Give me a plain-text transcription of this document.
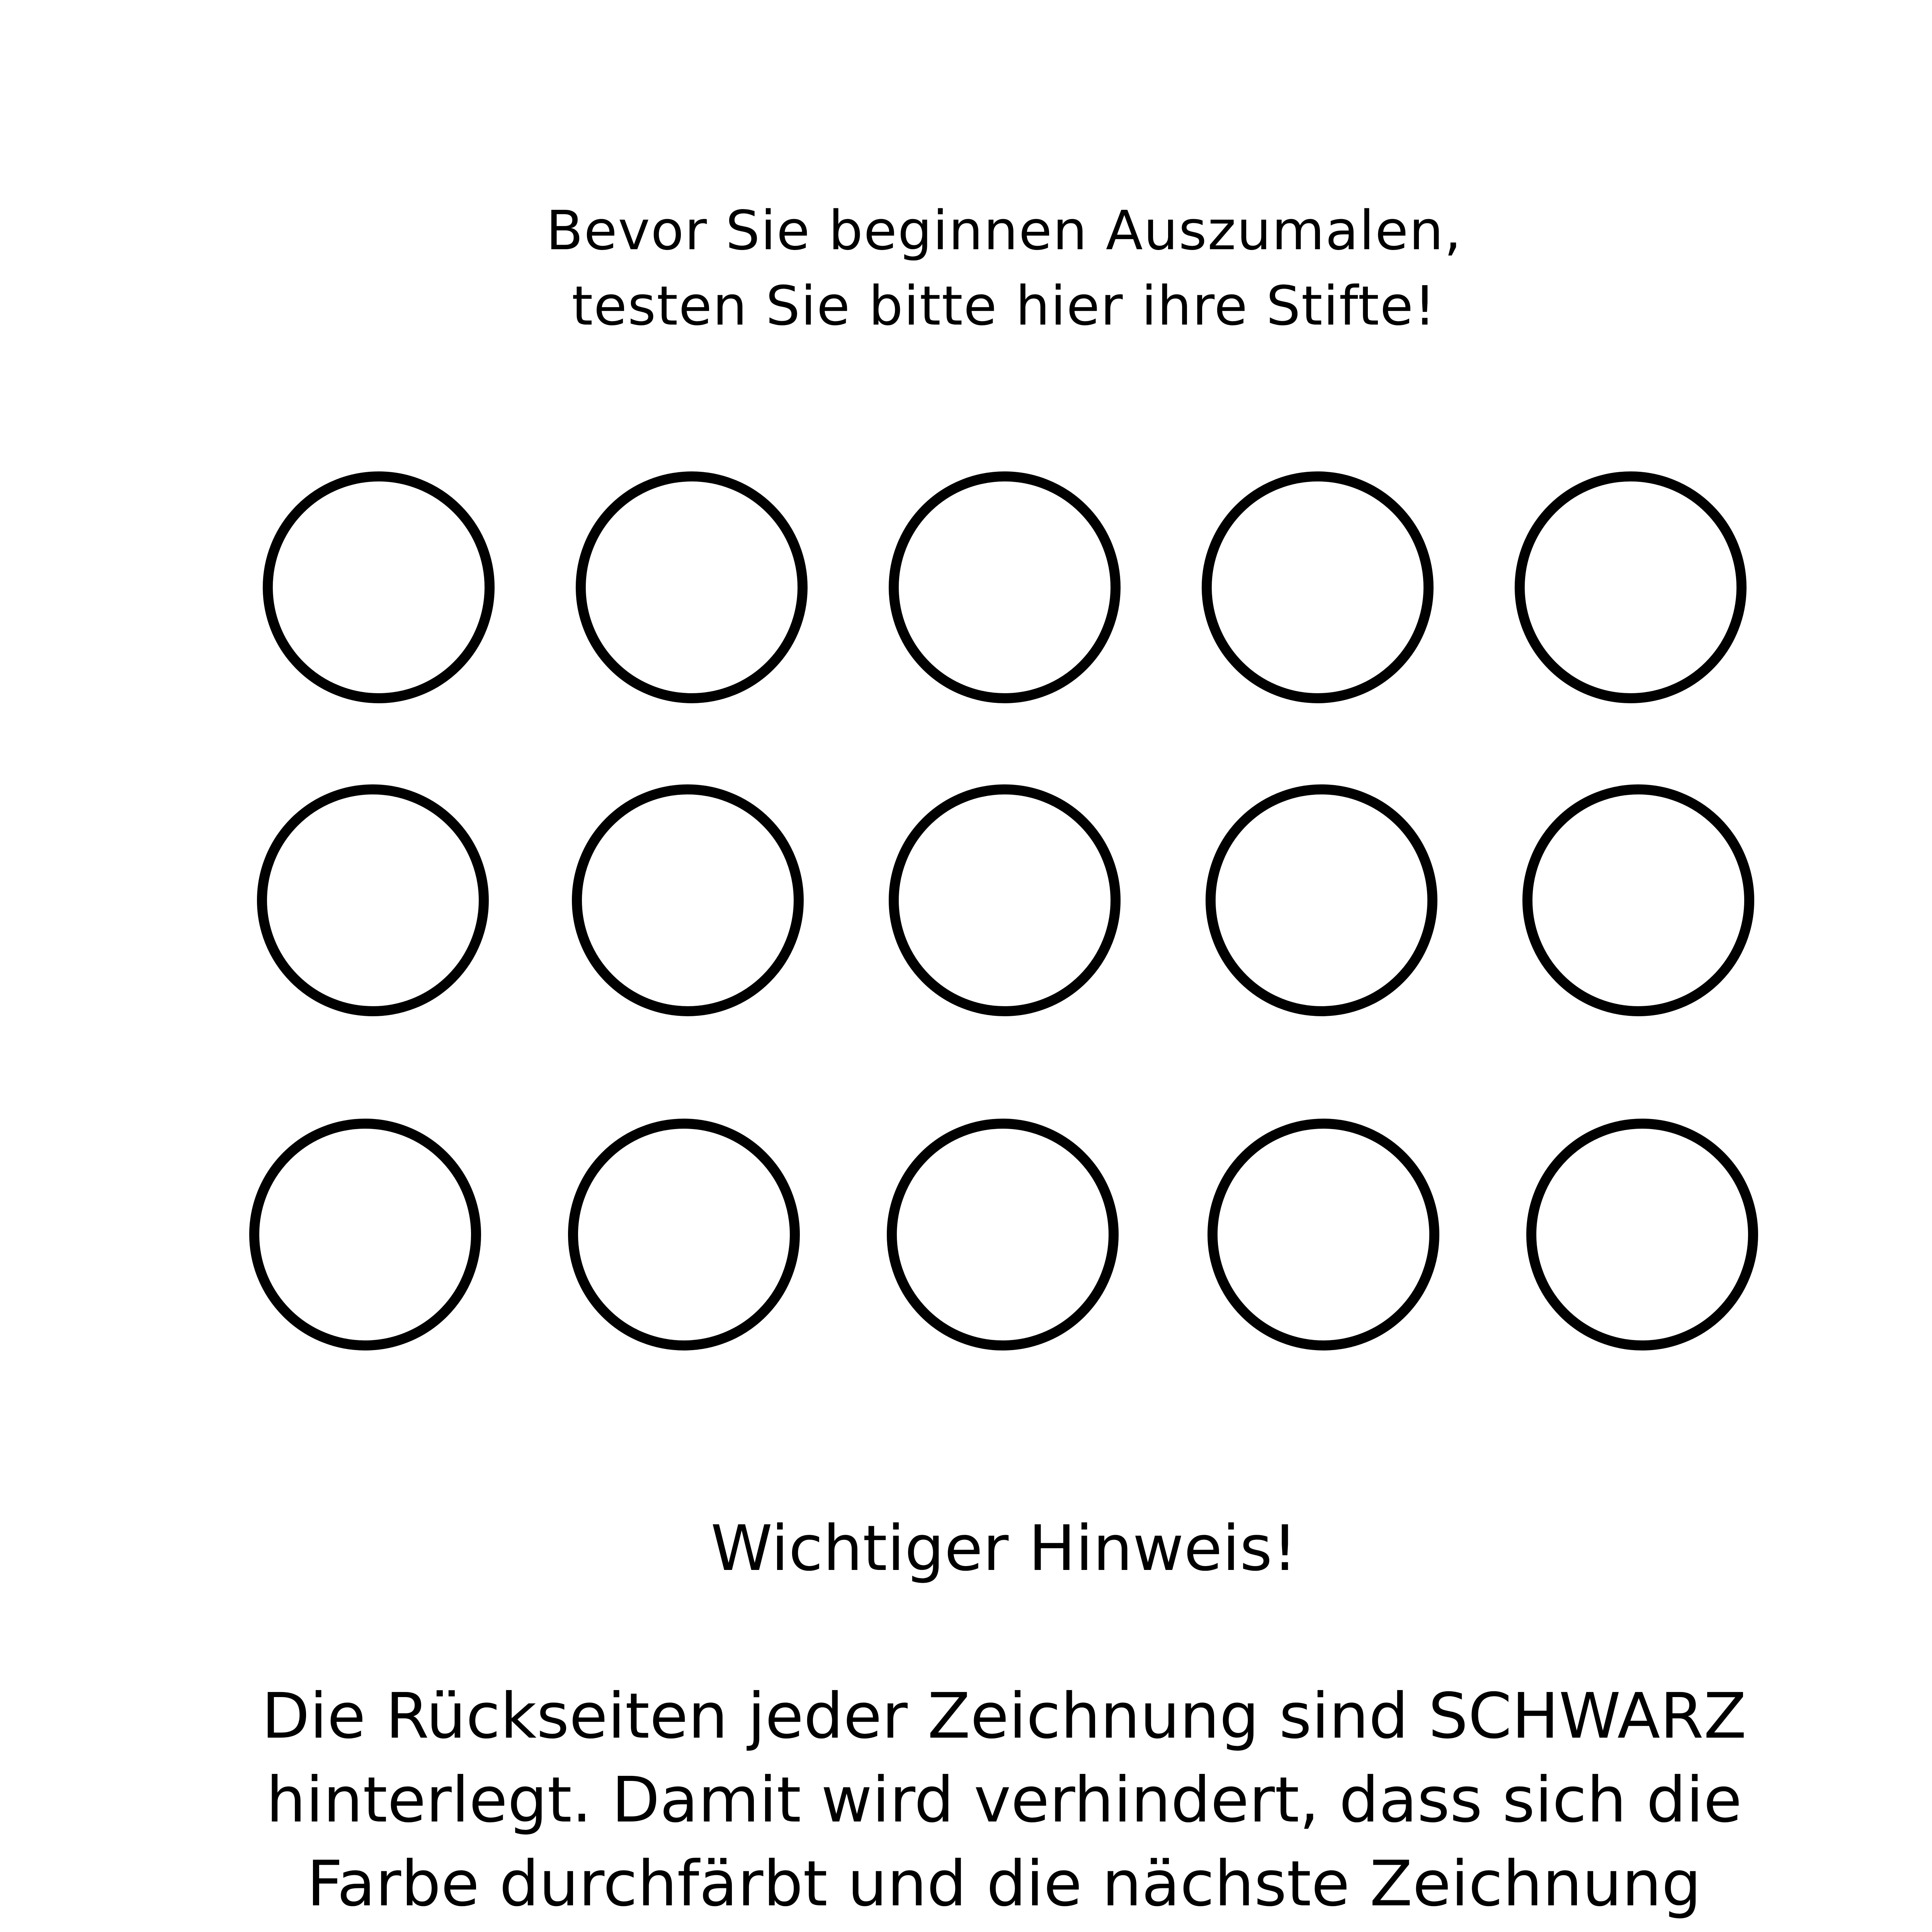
Bevor Sie beginnen Auszumalen,
testen Sie bitte hier ihre Stifte!
Wichtiger Hinweis!
Die Rückseiten jeder Zeichnung sind SCHWARZ
hinterlegt. Damit wird verhindert, dass sich die
Farbe durchfärbt und die nächste Zeichnung
